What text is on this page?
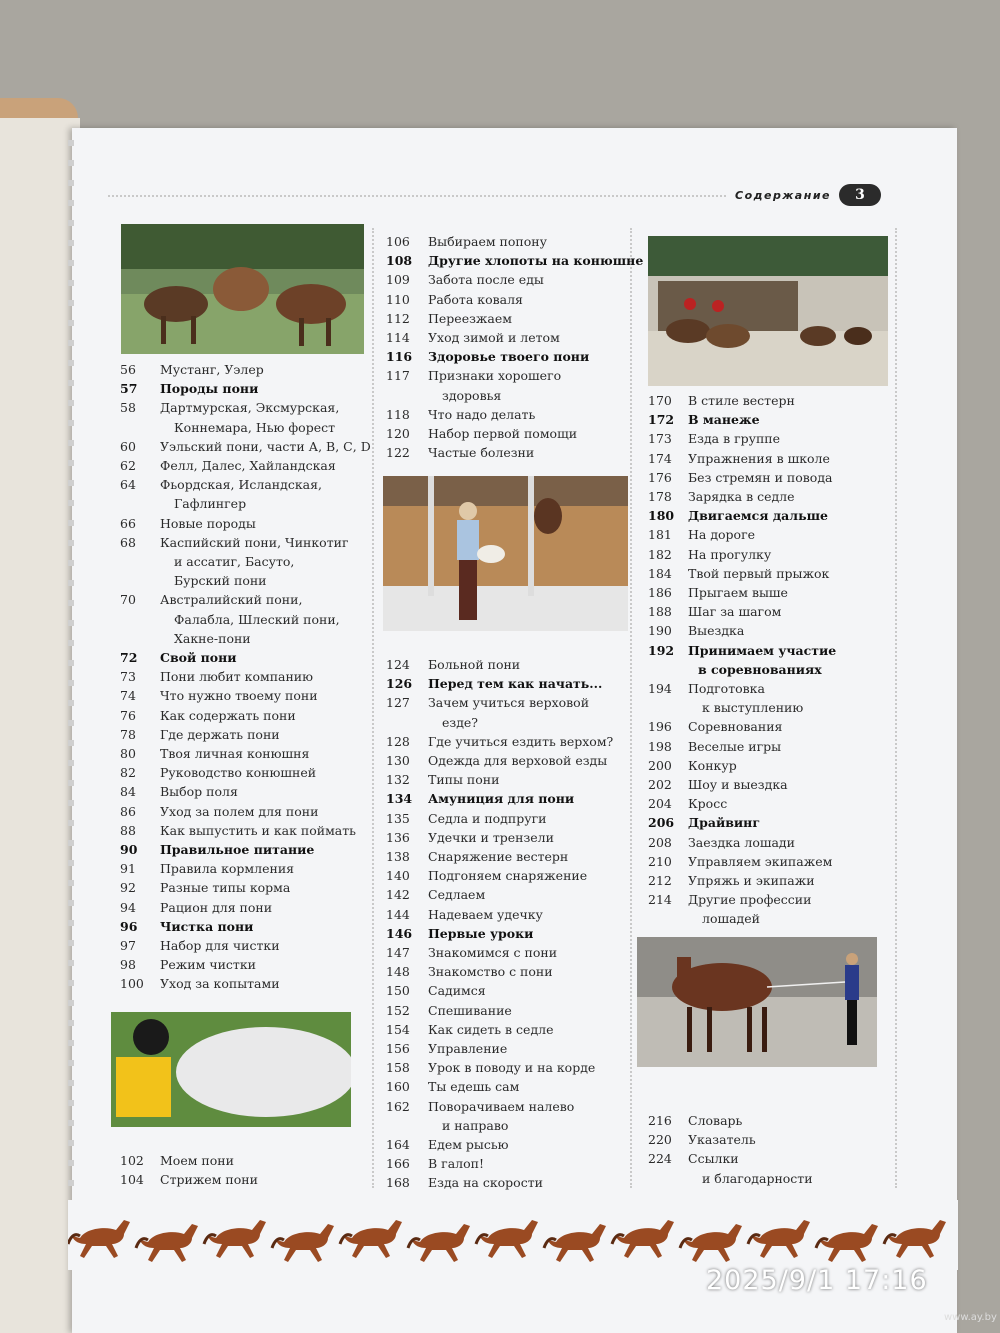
Содержание	3
56	Мустанг, Уэлер
57	Породы пони
58	Дартмурская, Эксмурская,
Коннемара, Нью форест
60	Уэльский пони, части А, В, С, D
62	Фелл, Далес, Хайландская
64	Фьордская, Исландская,
Гафлингер
66	Новые породы
68	Каспийский пони, Чинкотиг
и ассатиг, Басуто,
Бурский пони
70	Австралийский пони,
Фалабла, Шлеский пони,
Хакне-пони
72	Свой пони
73	Пони любит компанию
74	Что нужно твоему пони
76	Как содержать пони
78	Где держать пони
80	Твоя личная конюшня
82	Руководство конюшней
84	Выбор поля
86	Уход за полем для пони
88	Как выпустить и как поймать
90	Правильное питание
91	Правила кормления
92	Разные типы корма
94	Рацион для пони
96	Чистка пони
97	Набор для чистки
98	Режим чистки
100	Уход за копытами
102	Моем пони
104	Стрижем пони
106	Выбираем попону
108	Другие хлопоты на конюшне
109	Забота после еды
110	Работа коваля
112	Переезжаем
114	Уход зимой и летом
116	Здоровье твоего пони
117	Признаки хорошего
здоровья
118	Что надо делать
120	Набор первой помощи
122	Частые болезни
124	Больной пони
126	Перед тем как начать...
127	Зачем учиться верховой
езде?
128	Где учиться ездить верхом?
130	Одежда для верховой езды
132	Типы пони
134	Амуниция для пони
135	Седла и подпруги
136	Удечки и трензели
138	Снаряжение вестерн
140	Подгоняем снаряжение
142	Седлаем
144	Надеваем удечку
146	Первые уроки
147	Знакомимся с пони
148	Знакомство с пони
150	Садимся
152	Спешивание
154	Как сидеть в седле
156	Управление
158	Урок в поводу и на корде
160	Ты едешь сам
162	Поворачиваем налево
и направо
164	Едем рысью
166	В галоп!
168	Езда на скорости
170	В стиле вестерн
172	В манеже
173	Езда в группе
174	Упражнения в школе
176	Без стремян и повода
178	Зарядка в седле
180	Двигаемся дальше
181	На дороге
182	На прогулку
184	Твой первый прыжок
186	Прыгаем выше
188	Шаг за шагом
190	Выездка
192	Принимаем участие
в соревнованиях
194	Подготовка
к выступлению
196	Соревнования
198	Веселые игры
200	Конкур
202	Шоу и выездка
204	Кросс
206	Драйвинг
208	Заездка лошади
210	Управляем экипажем
212	Упряжь и экипажи
214	Другие профессии
лошадей
216	Словарь
220	Указатель
224	Ссылки
и благодарности
2025/9/1 17:16
www.ay.by
